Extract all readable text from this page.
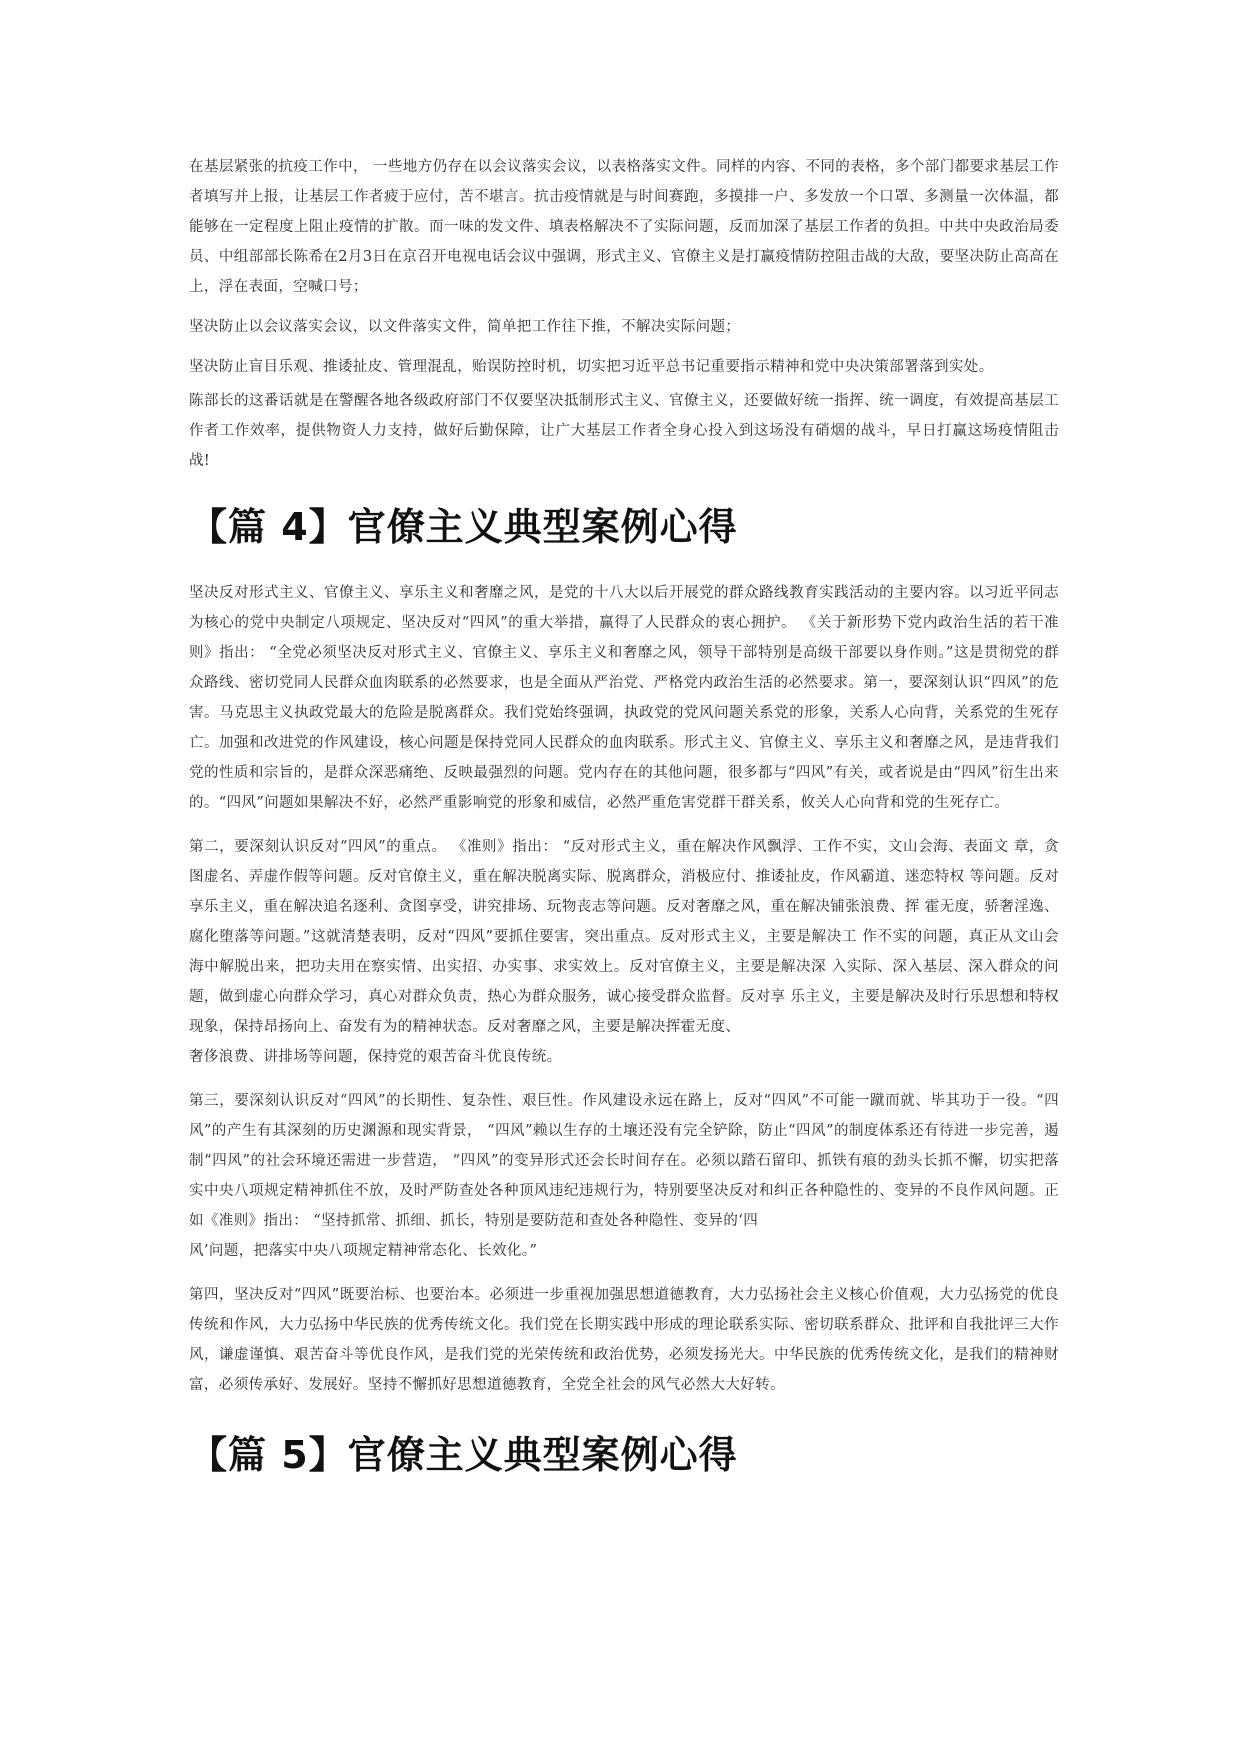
在基层紧张的抗疫工作中， 一些地方仍存在以会议落实会议，以表格落实文件。同样的内容、不同的表格，多个部门都要求基层工作者填写并上报，让基层工作者疲于应付，苦不堪言。抗击疫情就是与时间赛跑，多摸排一户、多发放一个口罩、多测量一次体温，都能够在一定程度上阻止疫情的扩散。而一味的发文件、填表格解决不了实际问题，反而加深了基层工作者的负担。中共中央政治局委员、中组部部长陈希在2月3日在京召开电视电话会议中强调，形式主义、官僚主义是打赢疫情防控阻击战的大敌，要坚决防止高高在上，浮在表面，空喊口号；

坚决防止以会议落实会议，以文件落实文件，简单把工作往下推，不解决实际问题；

坚决防止盲目乐观、推诿扯皮、管理混乱，贻误防控时机，切实把习近平总书记重要指示精神和党中央决策部署落到实处。

陈部长的这番话就是在警醒各地各级政府部门不仅要坚决抵制形式主义、官僚主义，还要做好统一指挥、统一调度，有效提高基层工作者工作效率，提供物资人力支持，做好后勤保障，让广大基层工作者全身心投入到这场没有硝烟的战斗，早日打赢这场疫情阻击战!

【篇 4】官僚主义典型案例心得

坚决反对形式主义、官僚主义、享乐主义和奢靡之风，是党的十八大以后开展党的群众路线教育实践活动的主要内容。以习近平同志为核心的党中央制定八项规定、坚决反对“四风”的重大举措，赢得了人民群众的衷心拥护。 《关于新形势下党内政治生活的若干准则》指出： “全党必须坚决反对形式主义、官僚主义、享乐主义和奢靡之风，领导干部特别是高级干部要以身作则。”这是贯彻党的群众路线、密切党同人民群众血肉联系的必然要求，也是全面从严治党、严格党内政治生活的必然要求。第一，要深刻认识“四风”的危害。马克思主义执政党最大的危险是脱离群众。我们党始终强调，执政党的党风问题关系党的形象，关系人心向背，关系党的生死存亡。加强和改进党的作风建设，核心问题是保持党同人民群众的血肉联系。形式主义、官僚主义、享乐主义和奢靡之风，是违背我们党的性质和宗旨的，是群众深恶痛绝、反映最强烈的问题。党内存在的其他问题，很多都与“四风”有关，或者说是由“四风”衍生出来的。“四风”问题如果解决不好，必然严重影响党的形象和威信，必然严重危害党群干群关系，攸关人心向背和党的生死存亡。

第二，要深刻认识反对“四风”的重点。 《准则》指出： “反对形式主义，重在解决作风飘浮、工作不实，文山会海、表面文 章，贪图虚名、弄虚作假等问题。反对官僚主义，重在解决脱离实际、脱离群众，消极应付、推诿扯皮，作风霸道、迷恋特权 等问题。反对享乐主义，重在解决追名逐利、贪图享受，讲究排场、玩物丧志等问题。反对奢靡之风，重在解决铺张浪费、挥 霍无度，骄奢淫逸、腐化堕落等问题。”这就清楚表明，反对“四风”要抓住要害，突出重点。反对形式主义，主要是解决工 作不实的问题，真正从文山会海中解脱出来，把功夫用在察实情、出实招、办实事、求实效上。反对官僚主义，主要是解决深 入实际、深入基层、深入群众的问题，做到虚心向群众学习，真心对群众负责，热心为群众服务，诚心接受群众监督。反对享 乐主义，主要是解决及时行乐思想和特权现象，保持昂扬向上、奋发有为的精神状态。反对奢靡之风，主要是解决挥霍无度、
奢侈浪费、讲排场等问题，保持党的艰苦奋斗优良传统。

第三，要深刻认识反对“四风”的长期性、复杂性、艰巨性。作风建设永远在路上，反对“四风”不可能一蹴而就、毕其功于一役。“四风”的产生有其深刻的历史渊源和现实背景， “四风”赖以生存的土壤还没有完全铲除，防止“四风”的制度体系还有待进一步完善，遏制“四风”的社会环境还需进一步营造， “四风”的变异形式还会长时间存在。必须以踏石留印、抓铁有痕的劲头长抓不懈，切实把落实中央八项规定精神抓住不放，及时严防查处各种顶风违纪违规行为，特别要坚决反对和纠正各种隐性的、变异的不良作风问题。正如《准则》指出： “坚持抓常、抓细、抓长，特别是要防范和查处各种隐性、变异的‘四
风’问题，把落实中央八项规定精神常态化、长效化。”

第四，坚决反对“四风”既要治标、也要治本。必须进一步重视加强思想道德教育，大力弘扬社会主义核心价值观，大力弘扬党的优良传统和作风，大力弘扬中华民族的优秀传统文化。我们党在长期实践中形成的理论联系实际、密切联系群众、批评和自我批评三大作风，谦虚谨慎、艰苦奋斗等优良作风，是我们党的光荣传统和政治优势，必须发扬光大。中华民族的优秀传统文化，是我们的精神财富，必须传承好、发展好。坚持不懈抓好思想道德教育，全党全社会的风气必然大大好转。

【篇 5】官僚主义典型案例心得
